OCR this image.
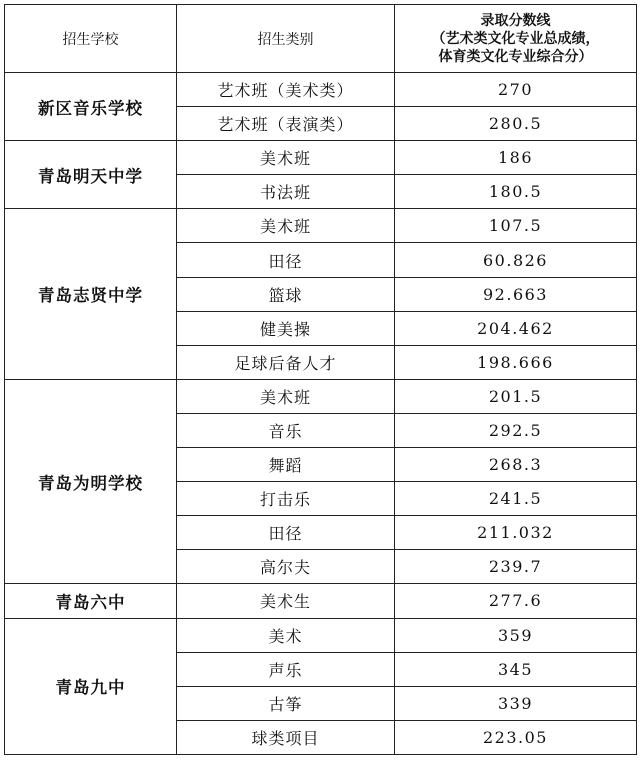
招生学校	招生类别	录取分数线
（艺术类文化专业总成绩，
体育类文化专业综合分）

新区音乐学校	艺术班（美术类）	270
	艺术班（表演类）	280.5
青岛明天中学	美术班	186
	书法班	180.5
青岛志贤中学	美术班	107.5
	田径	60.826
	篮球	92.663
	健美操	204.462
	足球后备人才	198.666
青岛为明学校	美术班	201.5
	音乐	292.5
	舞蹈	268.3
	打击乐	241.5
	田径	211.032
	高尔夫	239.7
青岛六中	美术生	277.6
青岛九中	美术	359
	声乐	345
	古筝	339
	球类项目	223.05
